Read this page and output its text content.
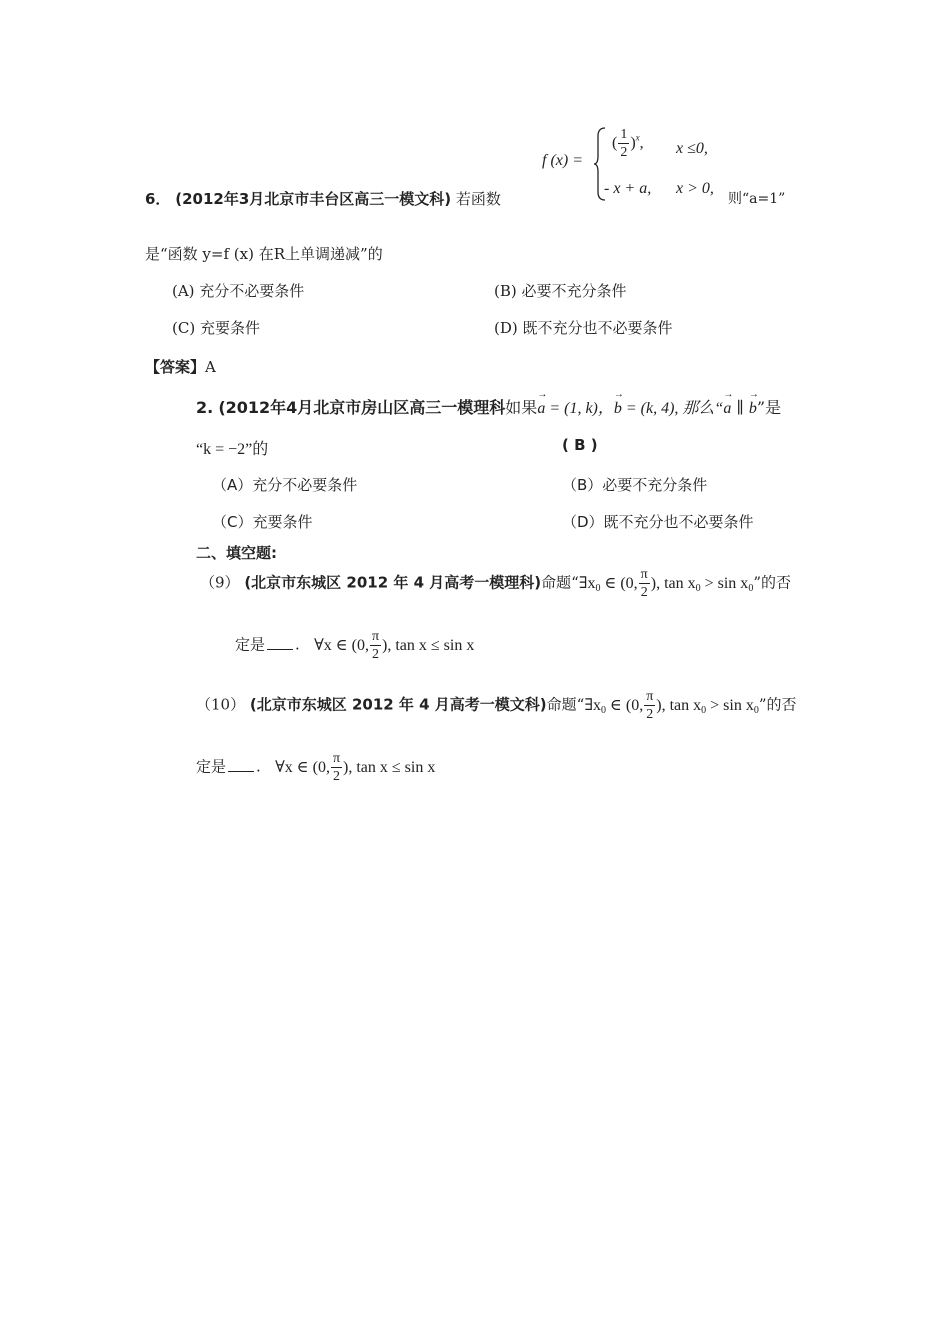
f (x) =
( $\frac{1}{2} )^x$, x ≤0,
- x + a, x > 0,
则“a=1”
6． (2012年3月北京市丰台区高三一模文科) 若函数
是“函数 y=f (x) 在R上单调递减”的
(A) 充分不必要条件	(B) 必要不充分条件
(C) 充要条件	(D) 既不充分也不必要条件
【答案】A
2. (2012年4月北京市房山区高三一模理科如果→ a = (1, k)，→ b = (k, 4), 那么“→ a ∥ → b”是
“k = −2”的	( B )
（A）充分不必要条件	（B）必要不充分条件
（C）充要条件	（D）既不充分也不必要条件
二、填空题:
（9） (北京市东城区 2012 年 4 月高考一模理科)命题“$\exists x_0$ ∈ (0, $\frac{\pi}{2}$ ), $\tan x_0 > \sin x_0$”的否
定是 . ∀x ∈ (0, $\frac{\pi}{2}$ ), tan x ≤ sin x
（10） (北京市东城区 2012 年 4 月高考一模文科)命题“$\exists x_0$ ∈ (0, $\frac{\pi}{2}$ ), $\tan x_0 > \sin x_0$”的否
定是 . ∀x ∈ (0, $\frac{\pi}{2}$ ), tan x ≤ sin x
